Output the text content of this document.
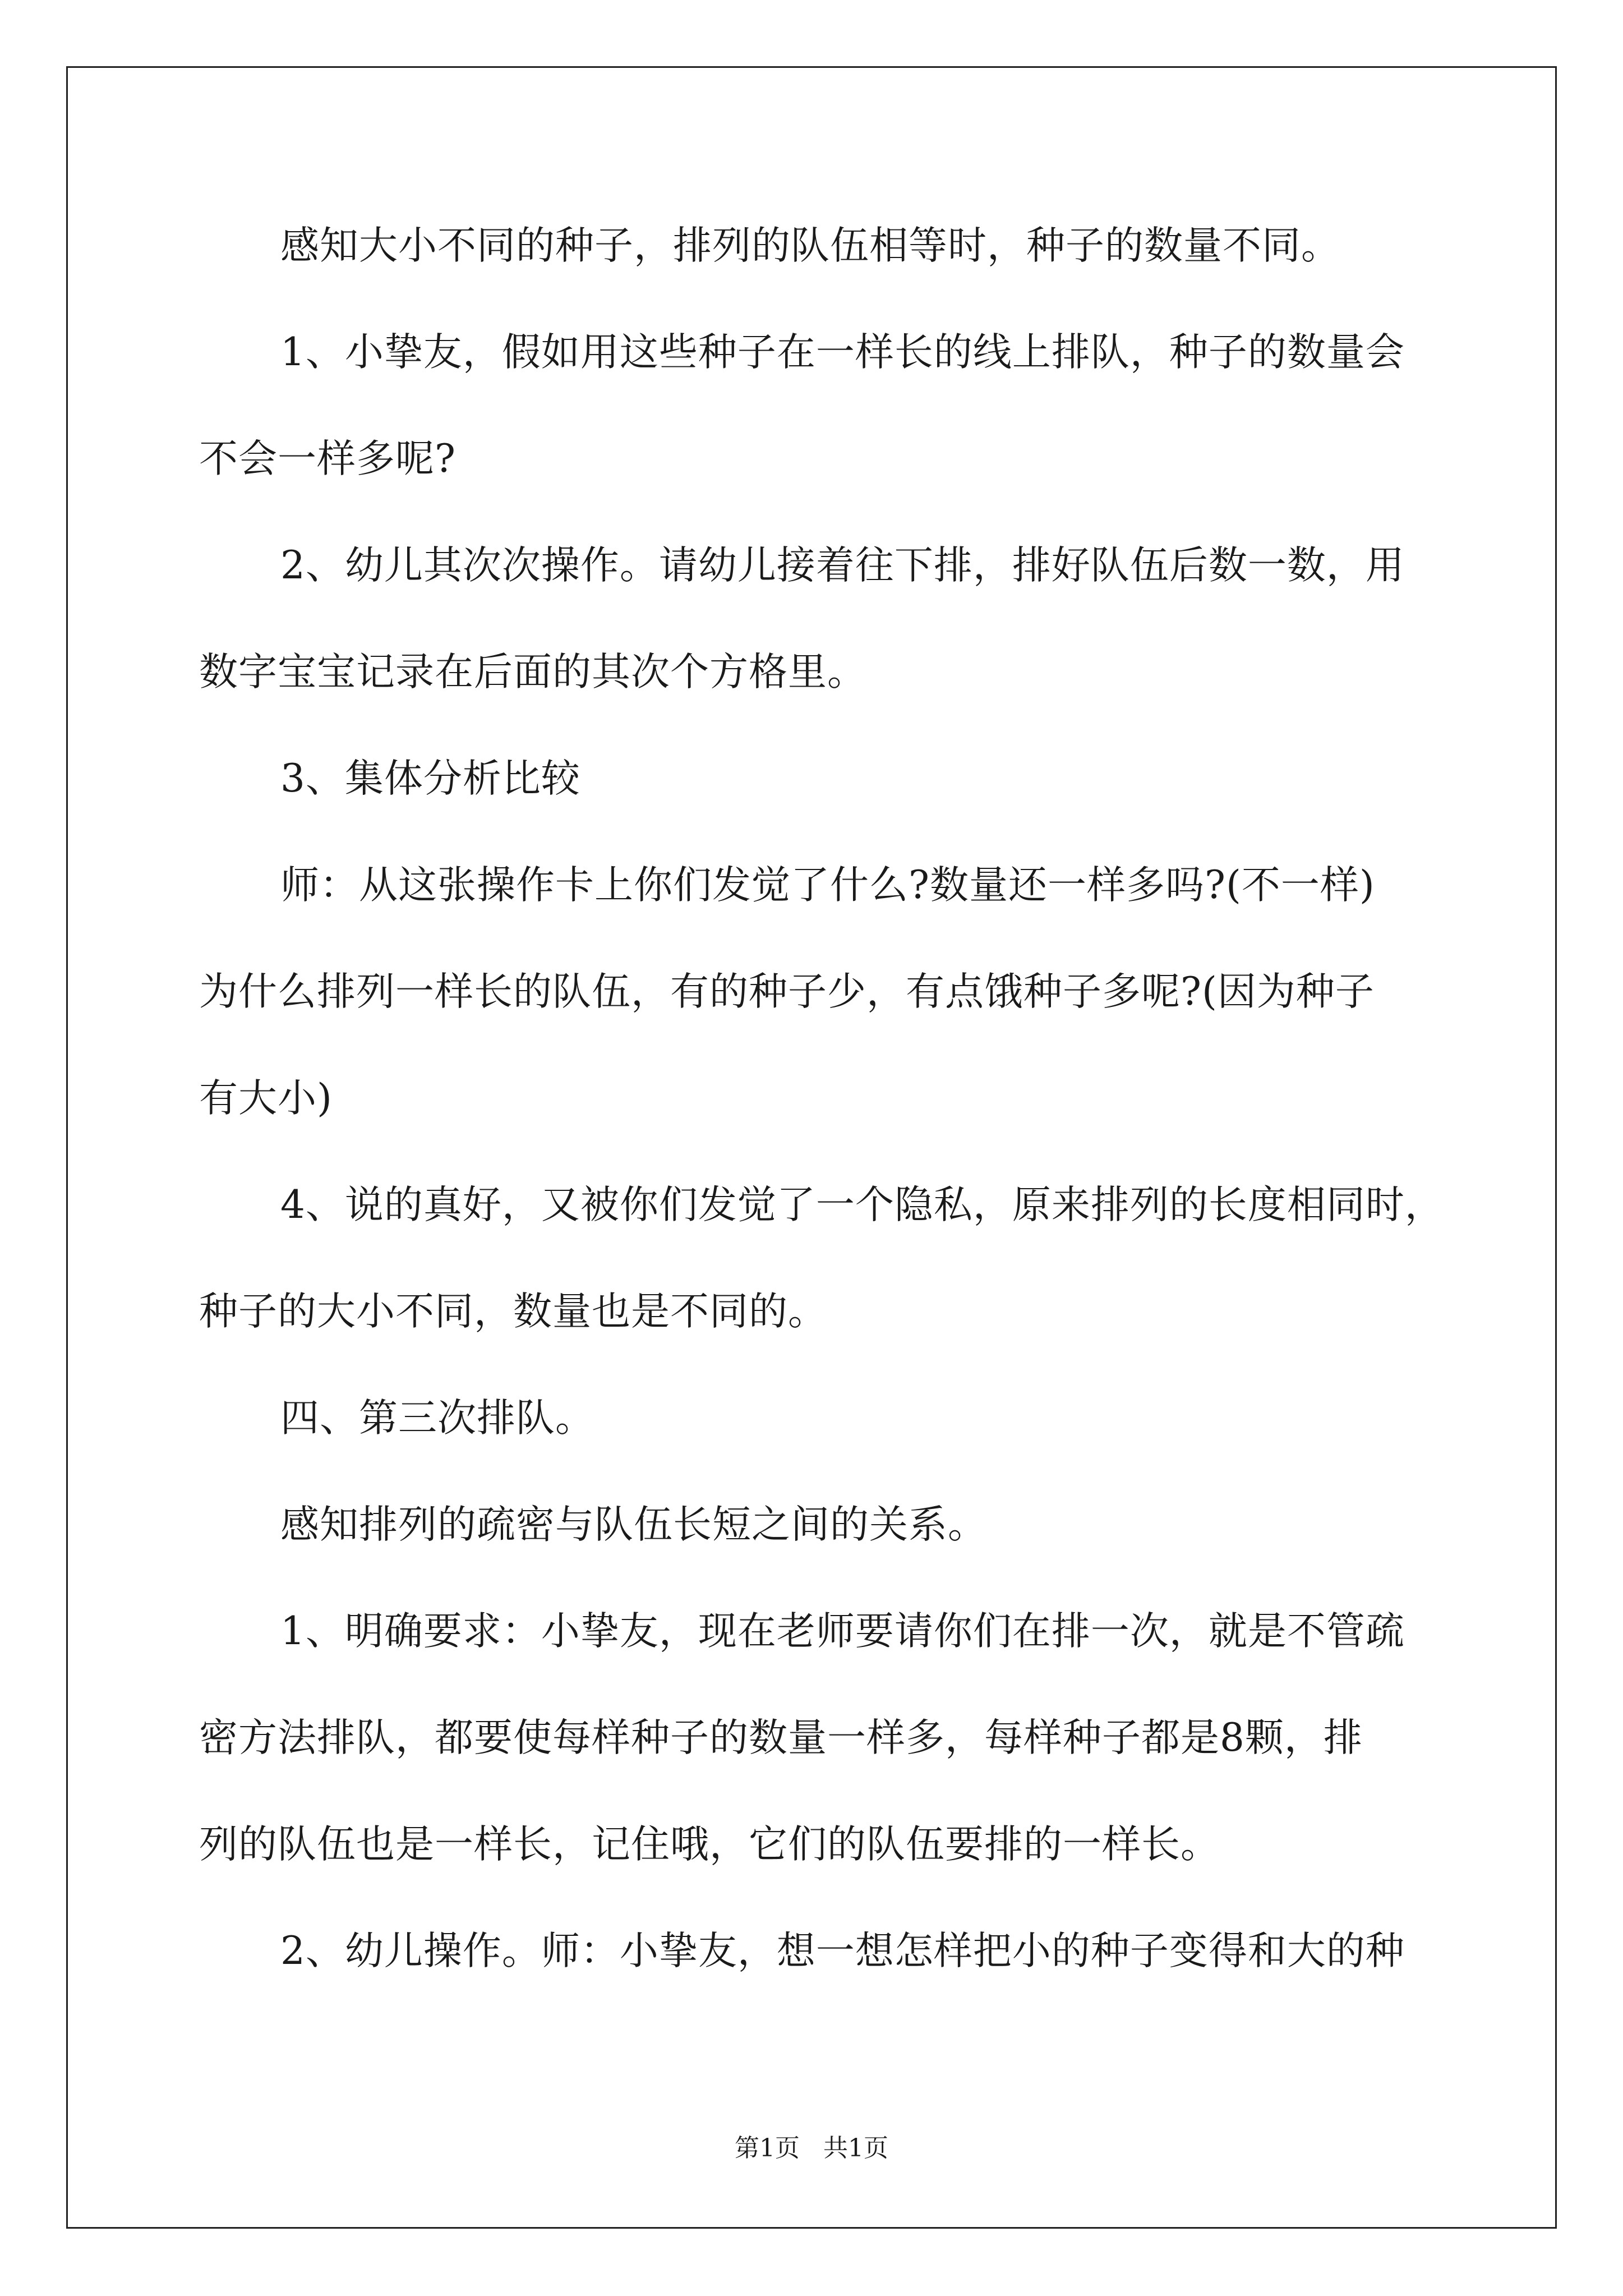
感知大小不同的种子，排列的队伍相等时，种子的数量不同。
1、小挚友，假如用这些种子在一样长的线上排队，种子的数量会
不会一样多呢?
2、幼儿其次次操作。请幼儿接着往下排，排好队伍后数一数，用
数字宝宝记录在后面的其次个方格里。
3、集体分析比较
师：从这张操作卡上你们发觉了什么?数量还一样多吗?(不一样)
为什么排列一样长的队伍，有的种子少，有点饿种子多呢?(因为种子
有大小)
4、说的真好，又被你们发觉了一个隐私，原来排列的长度相同时，
种子的大小不同，数量也是不同的。
四、第三次排队。
感知排列的疏密与队伍长短之间的关系。
1、明确要求：小挚友，现在老师要请你们在排一次，就是不管疏
密方法排队，都要使每样种子的数量一样多，每样种子都是8颗，排
列的队伍也是一样长，记住哦，它们的队伍要排的一样长。
2、幼儿操作。师：小挚友，想一想怎样把小的种子变得和大的种
第1页   共1页
